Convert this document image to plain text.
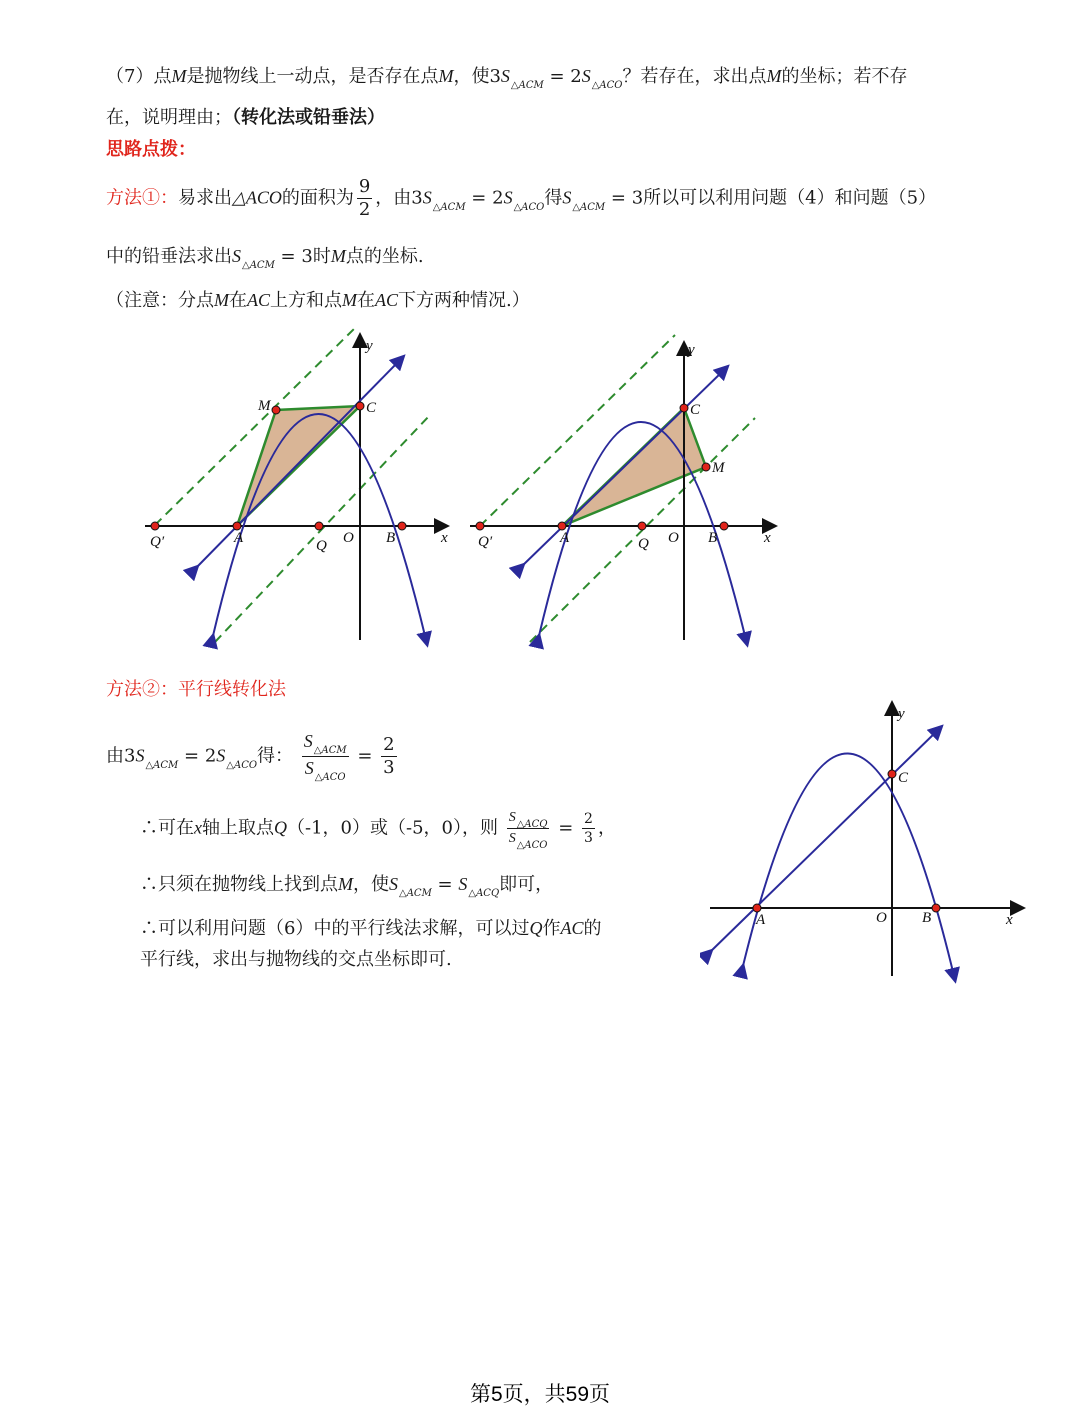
（7）点M是抛物线上一动点，是否存在点M，使$3S_{\triangle ACM} = 2S_{\triangle ACO}$？若存在，求出点M的坐标；若不存
在，说明理由；（转化法或铅垂法）
思路点拨：
方法①：易求出△ACO的面积为 $\frac{9}{2}$ ，由$3S_{\triangle ACM} = 2S_{\triangle ACO}$得$S_{\triangle ACM} = 3$所以可以利用问题（4）和问题（5）
中的铅垂法求出$S_{\triangle ACM} = 3$时M点的坐标.
（注意：分点M在AC上方和点M在AC下方两种情况.）
Q′	A	Q O B	x
y
C
M
Q′	A	Q O B	x
y
C
M
方法②：平行线转化法
由$3S_{\triangle ACM} = 2S_{\triangle ACO}$得： $\frac{S_{\triangle ACM}}{S_{\triangle ACO}} = \frac{2}{3}$
∴可在x轴上取点Q（-1，0）或（-5，0），则 $\frac{S_{\triangle ACQ}}{S_{\triangle ACO}} = \frac{2}{3}$ ，
∴只须在抛物线上找到点M，使$S_{\triangle ACM} = S_{\triangle ACQ}$即可，
∴可以利用问题（6）中的平行线法求解，可以过Q作AC的
平行线，求出与抛物线的交点坐标即可.
A	O B	x
y
C
第5页，共59页
